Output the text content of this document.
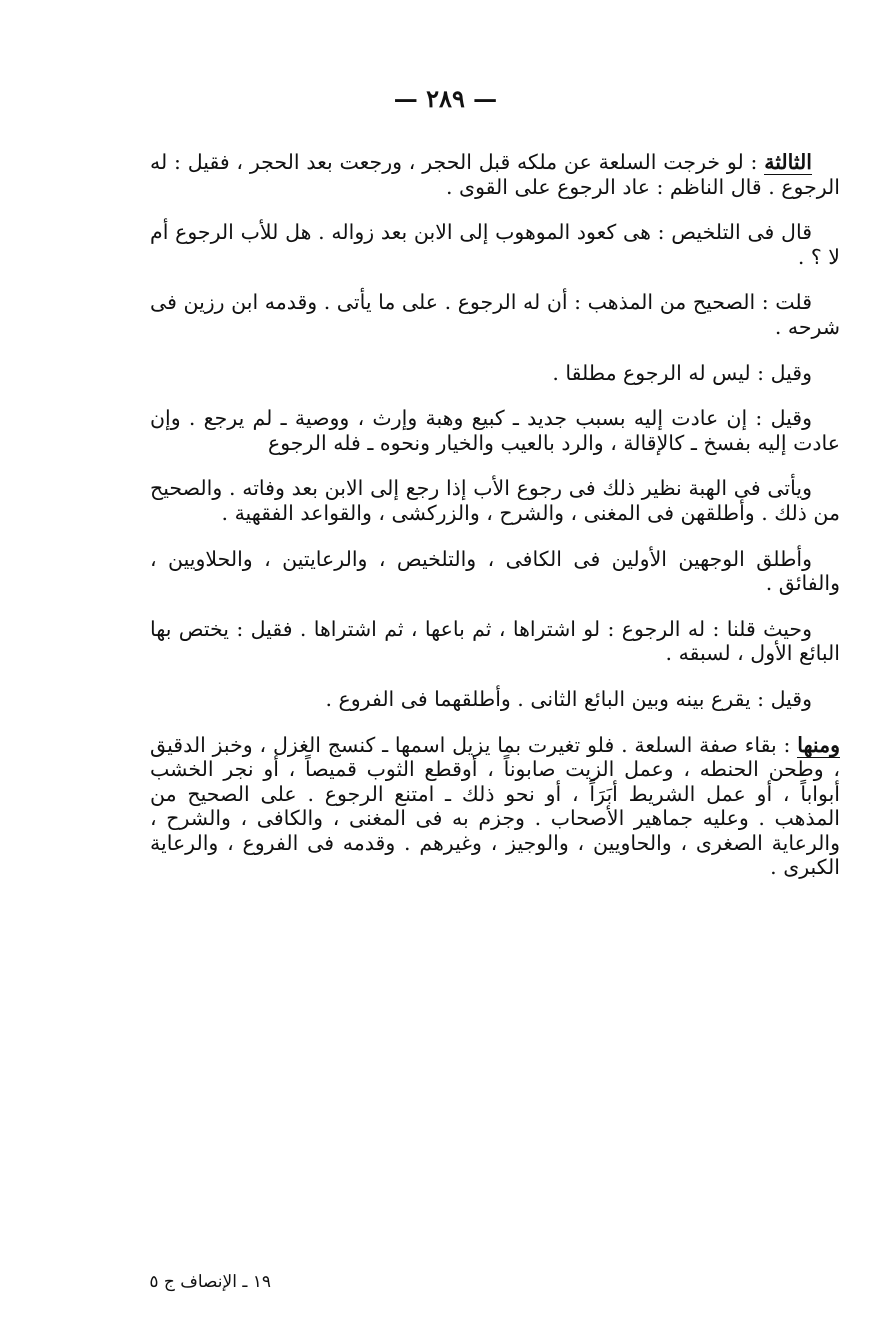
— ٢٨٩ —

الثالثة : لو خرجت السلعة عن ملكه قبل الحجر ، ورجعت بعد الحجر ، فقيل : له الرجوع . قال الناظم : عاد الرجوع على القوى .

قال فى التلخيص : هى كعود الموهوب إلى الابن بعد زواله . هل للأب الرجوع أم لا ؟ .

قلت : الصحيح من المذهب : أن له الرجوع . على ما يأتى . وقدمه ابن رزين فى شرحه .

وقيل : ليس له الرجوع مطلقا .

وقيل : إن عادت إليه بسبب جديد ـ كبيع وهبة وإرث ، ووصية ـ لم يرجع . وإن عادت إليه بفسخ ـ كالإقالة ، والرد بالعيب والخيار ونحوه ـ فله الرجوع

ويأتى فى الهبة نظير ذلك فى رجوع الأب إذا رجع إلى الابن بعد وفاته . والصحيح من ذلك . وأطلقهن فى المغنى ، والشرح ، والزركشى ، والقواعد الفقهية .

وأطلق الوجهين الأولين فى الكافى ، والتلخيص ، والرعايتين ، والحلاويين ، والفائق .

وحيث قلنا : له الرجوع : لو اشتراها ، ثم باعها ، ثم اشتراها . فقيل : يختص بها البائع الأول ، لسبقه .

وقيل : يقرع بينه وبين البائع الثانى . وأطلقهما فى الفروع .

ومنها : بقاء صفة السلعة . فلو تغيرت بما يزيل اسمها ـ كنسج الغزل ، وخبز الدقيق ، وطحن الحنطه ، وعمل الزيت صابوناً ، أوقطع الثوب قميصاً ، أو نجر الخشب أبواباً ، أو عمل الشريط أبَرَاً ، أو نحو ذلك ـ امتنع الرجوع . على الصحيح من المذهب . وعليه جماهير الأصحاب . وجزم به فى المغنى ، والكافى ، والشرح ، والرعاية الصغرى ، والحاويين ، والوجيز ، وغيرهم . وقدمه فى الفروع ، والرعاية الكبرى .

١٩ ـ الإنصاف ج ٥
